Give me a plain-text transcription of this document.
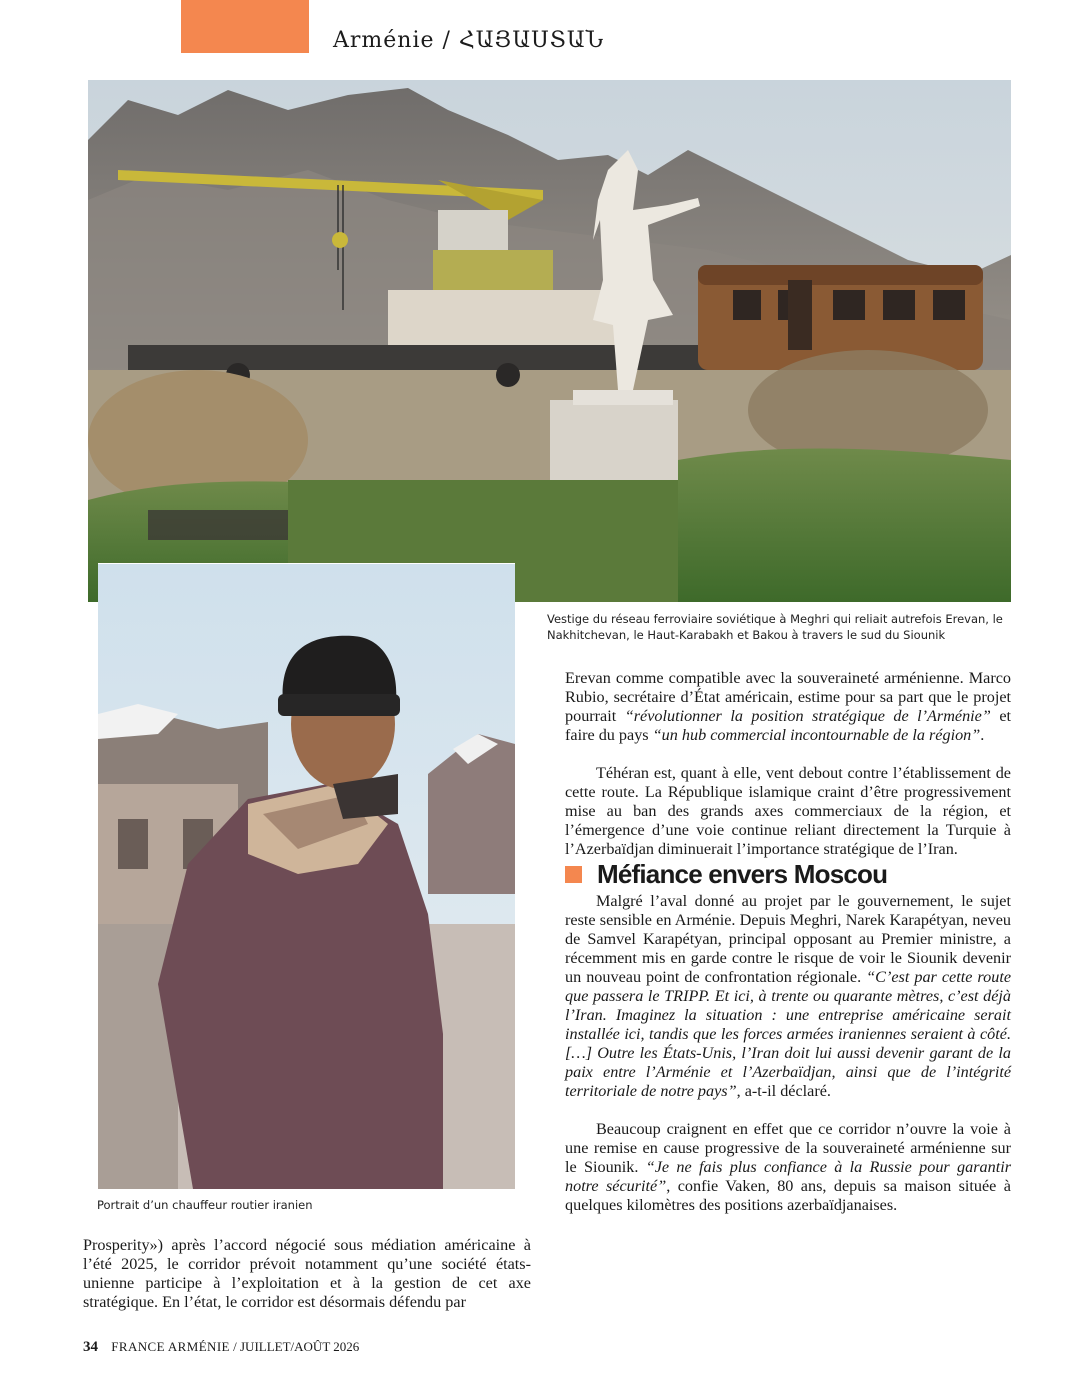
Arménie / ՀԱՅԱՍՏԱՆ
Vestige du réseau ferroviaire soviétique à Meghri qui reliait autrefois Erevan, le Nakhitchevan, le Haut-Karabakh et Bakou à travers le sud du Siounik
Portrait d’un chauffeur routier iranien

Erevan comme compatible avec la souveraineté arménienne. Marco Rubio, secrétaire d’État américain, estime pour sa part que le projet pourrait “révolutionner la position stratégique de l’Arménie” et faire du pays “un hub commercial incontournable de la région”.

Téhéran est, quant à elle, vent debout contre l’établissement de cette route. La République islamique craint d’être progressivement mise au ban des grands axes commerciaux de la région, et l’émergence d’une voie continue reliant directement la Turquie à l’Azerbaïdjan diminuerait l’importance stratégique de l’Iran.

Méfiance envers Moscou

Malgré l’aval donné au projet par le gouvernement, le sujet reste sensible en Arménie. Depuis Meghri, Narek Karapétyan, neveu de Samvel Karapétyan, principal opposant au Premier ministre, a récemment mis en garde contre le risque de voir le Siounik devenir un nouveau point de confrontation régionale. “C’est par cette route que passera le TRIPP. Et ici, à trente ou quarante mètres, c’est déjà l’Iran. Imaginez la situation : une entreprise américaine serait installée ici, tandis que les forces armées iraniennes seraient à côté. […] Outre les États-Unis, l’Iran doit lui aussi devenir garant de la paix entre l’Arménie et l’Azerbaïdjan, ainsi que de l’intégrité territoriale de notre pays”, a-t-il déclaré.

Beaucoup craignent en effet que ce corridor n’ouvre la voie à une remise en cause progressive de la souveraineté arménienne sur le Siounik. “Je ne fais plus confiance à la Russie pour garantir notre sécurité”, confie Vaken, 80 ans, depuis sa maison située à quelques kilomètres des positions azerbaïdjanaises.

Prosperity») après l’accord négocié sous médiation américaine à l’été 2025, le corridor prévoit notamment qu’une société états-unienne participe à l’exploitation et à la gestion de cet axe stratégique. En l’état, le corridor est désormais défendu par

34 FRANCE ARMÉNIE / JUILLET/AOÛT 2026
